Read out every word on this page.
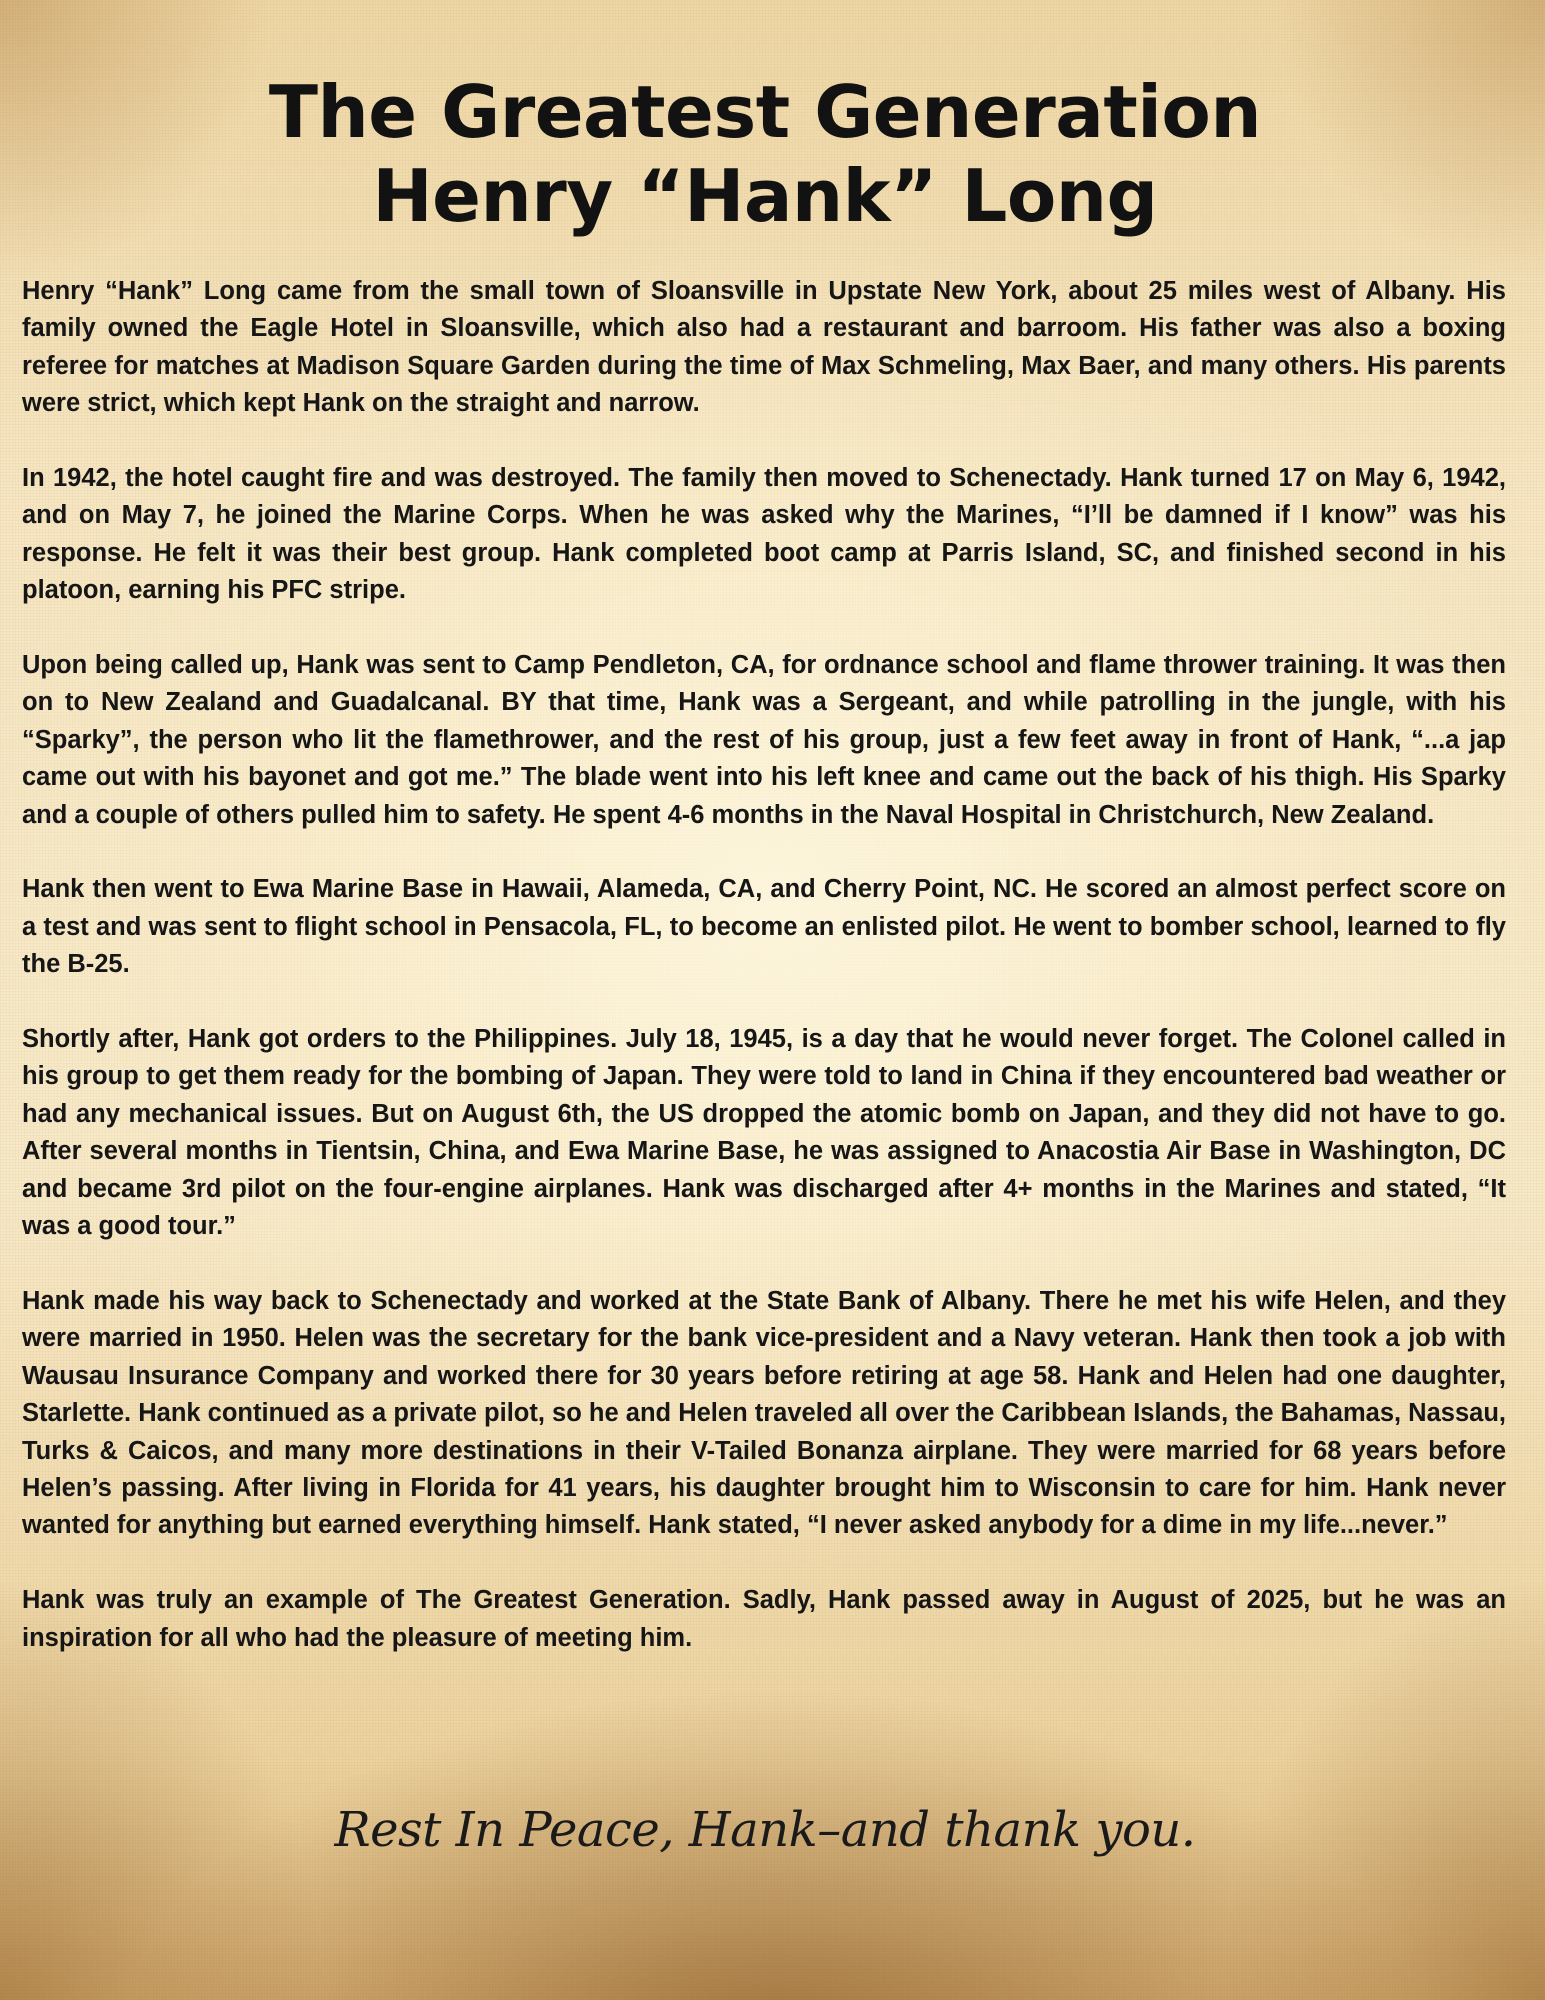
The Greatest Generation
Henry “Hank” Long

Henry “Hank” Long came from the small town of Sloansville in Upstate New York, about 25 miles west of Albany. His family owned the Eagle Hotel in Sloansville, which also had a restaurant and barroom. His father was also a boxing referee for matches at Madison Square Garden during the time of Max Schmeling, Max Baer, and many others. His parents were strict, which kept Hank on the straight and narrow.

In 1942, the hotel caught fire and was destroyed. The family then moved to Schenectady. Hank turned 17 on May 6, 1942, and on May 7, he joined the Marine Corps. When he was asked why the Marines, “I’ll be damned if I know” was his response. He felt it was their best group. Hank completed boot camp at Parris Island, SC, and finished second in his platoon, earning his PFC stripe.

Upon being called up, Hank was sent to Camp Pendleton, CA, for ordnance school and flame thrower training. It was then on to New Zealand and Guadalcanal. BY that time, Hank was a Sergeant, and while patrolling in the jungle, with his “Sparky”, the person who lit the flamethrower, and the rest of his group, just a few feet away in front of Hank, “...a jap came out with his bayonet and got me.” The blade went into his left knee and came out the back of his thigh. His Sparky and a couple of others pulled him to safety. He spent 4-6 months in the Naval Hospital in Christchurch, New Zealand.

Hank then went to Ewa Marine Base in Hawaii, Alameda, CA, and Cherry Point, NC. He scored an almost perfect score on a test and was sent to flight school in Pensacola, FL, to become an enlisted pilot. He went to bomber school, learned to fly the B-25.

Shortly after, Hank got orders to the Philippines. July 18, 1945, is a day that he would never forget. The Colonel called in his group to get them ready for the bombing of Japan. They were told to land in China if they encountered bad weather or had any mechanical issues. But on August 6th, the US dropped the atomic bomb on Japan, and they did not have to go. After several months in Tientsin, China, and Ewa Marine Base, he was assigned to Anacostia Air Base in Washington, DC and became 3rd pilot on the four-engine airplanes. Hank was discharged after 4+ months in the Marines and stated, “It was a good tour.”

Hank made his way back to Schenectady and worked at the State Bank of Albany. There he met his wife Helen, and they were married in 1950. Helen was the secretary for the bank vice-president and a Navy veteran. Hank then took a job with Wausau Insurance Company and worked there for 30 years before retiring at age 58. Hank and Helen had one daughter, Starlette. Hank continued as a private pilot, so he and Helen traveled all over the Caribbean Islands, the Bahamas, Nassau, Turks & Caicos, and many more destinations in their V-Tailed Bonanza airplane. They were married for 68 years before Helen’s passing. After living in Florida for 41 years, his daughter brought him to Wisconsin to care for him. Hank never wanted for anything but earned everything himself. Hank stated, “I never asked anybody for a dime in my life...never.”

Hank was truly an example of The Greatest Generation. Sadly, Hank passed away in August of 2025, but he was an inspiration for all who had the pleasure of meeting him.

Rest In Peace, Hank–and thank you.
